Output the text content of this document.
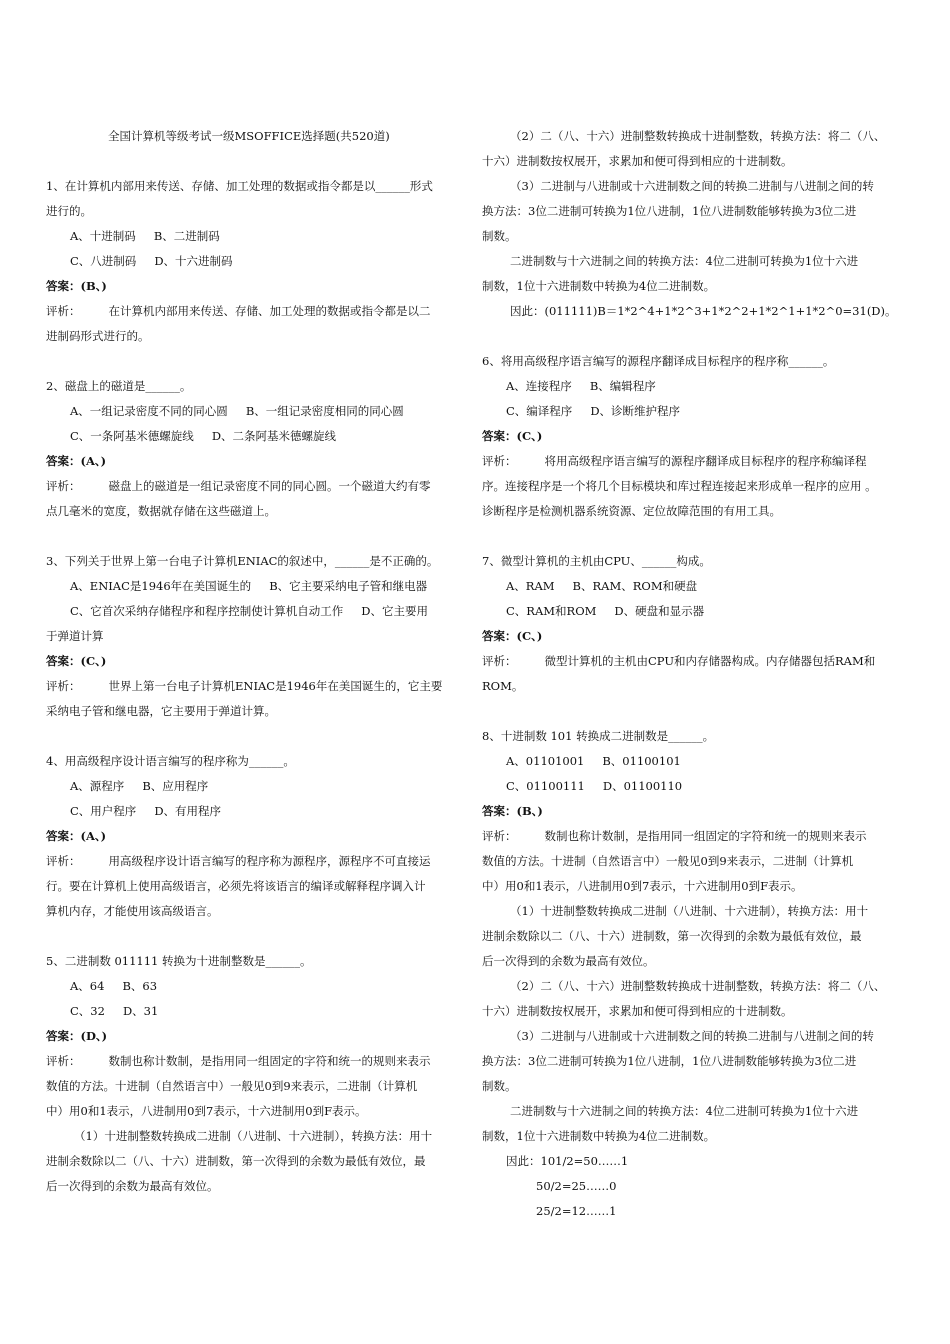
全国计算机等级考试一级MSOFFICE选择题(共520道)
1、在计算机内部用来传送、存储、加工处理的数据或指令都是以______形式
进行的。
A、十进制码 B、二进制码
C、八进制码 D、十六进制码
答案：(B、)
评析： 在计算机内部用来传送、存储、加工处理的数据或指令都是以二
进制码形式进行的。
2、磁盘上的磁道是______。
A、一组记录密度不同的同心圆 B、一组记录密度相同的同心圆
C、一条阿基米德螺旋线 D、二条阿基米德螺旋线
答案：(A、)
评析： 磁盘上的磁道是一组记录密度不同的同心圆。一个磁道大约有零
点几毫米的宽度，数据就存储在这些磁道上。
3、下列关于世界上第一台电子计算机ENIAC的叙述中，______是不正确的。
A、ENIAC是1946年在美国诞生的 B、它主要采纳电子管和继电器
C、它首次采纳存储程序和程序控制使计算机自动工作 D、它主要用
于弹道计算
答案：(C、)
评析： 世界上第一台电子计算机ENIAC是1946年在美国诞生的，它主要
采纳电子管和继电器，它主要用于弹道计算。
4、用高级程序设计语言编写的程序称为______。
A、源程序 B、应用程序
C、用户程序 D、有用程序
答案：(A、)
评析： 用高级程序设计语言编写的程序称为源程序，源程序不可直接运
行。要在计算机上使用高级语言，必须先将该语言的编译或解释程序调入计
算机内存，才能使用该高级语言。
5、二进制数 011111 转换为十进制整数是______。
A、64 B、63
C、32 D、31
答案：(D、)
评析： 数制也称计数制，是指用同一组固定的字符和统一的规则来表示
数值的方法。十进制（自然语言中）一般见0到9来表示，二进制（计算机
中）用0和1表示，八进制用0到7表示，十六进制用0到F表示。
（1）十进制整数转换成二进制（八进制、十六进制），转换方法：用十
进制余数除以二（八、十六）进制数，第一次得到的余数为最低有效位，最
后一次得到的余数为最高有效位。
（2）二（八、十六）进制整数转换成十进制整数，转换方法：将二（八、
十六）进制数按权展开，求累加和便可得到相应的十进制数。
（3）二进制与八进制或十六进制数之间的转换二进制与八进制之间的转
换方法：3位二进制可转换为1位八进制，1位八进制数能够转换为3位二进
制数。
二进制数与十六进制之间的转换方法：4位二进制可转换为1位十六进
制数，1位十六进制数中转换为4位二进制数。
因此：(011111)B＝1*2^4+1*2^3+1*2^2+1*2^1+1*2^0=31(D)。
6、将用高级程序语言编写的源程序翻译成目标程序的程序称______。
A、连接程序 B、编辑程序
C、编译程序 D、诊断维护程序
答案：(C、)
评析： 将用高级程序语言编写的源程序翻译成目标程序的程序称编译程
序。连接程序是一个将几个目标模块和库过程连接起来形成单一程序的应用 。
诊断程序是检测机器系统资源、定位故障范围的有用工具。
7、微型计算机的主机由CPU、______构成。
A、RAM B、RAM、ROM和硬盘
C、RAM和ROM D、硬盘和显示器
答案：(C、)
评析： 微型计算机的主机由CPU和内存储器构成。内存储器包括RAM和
ROM。
8、十进制数 101 转换成二进制数是______。
A、01101001 B、01100101
C、01100111 D、01100110
答案：(B、)
评析： 数制也称计数制，是指用同一组固定的字符和统一的规则来表示
数值的方法。十进制（自然语言中）一般见0到9来表示，二进制（计算机
中）用0和1表示，八进制用0到7表示，十六进制用0到F表示。
（1）十进制整数转换成二进制（八进制、十六进制），转换方法：用十
进制余数除以二（八、十六）进制数，第一次得到的余数为最低有效位，最
后一次得到的余数为最高有效位。
（2）二（八、十六）进制整数转换成十进制整数，转换方法：将二（八、
十六）进制数按权展开，求累加和便可得到相应的十进制数。
（3）二进制与八进制或十六进制数之间的转换二进制与八进制之间的转
换方法：3位二进制可转换为1位八进制，1位八进制数能够转换为3位二进
制数。
二进制数与十六进制之间的转换方法：4位二进制可转换为1位十六进
制数，1位十六进制数中转换为4位二进制数。
因此：101/2=50……1
50/2=25……0
25/2=12……1
